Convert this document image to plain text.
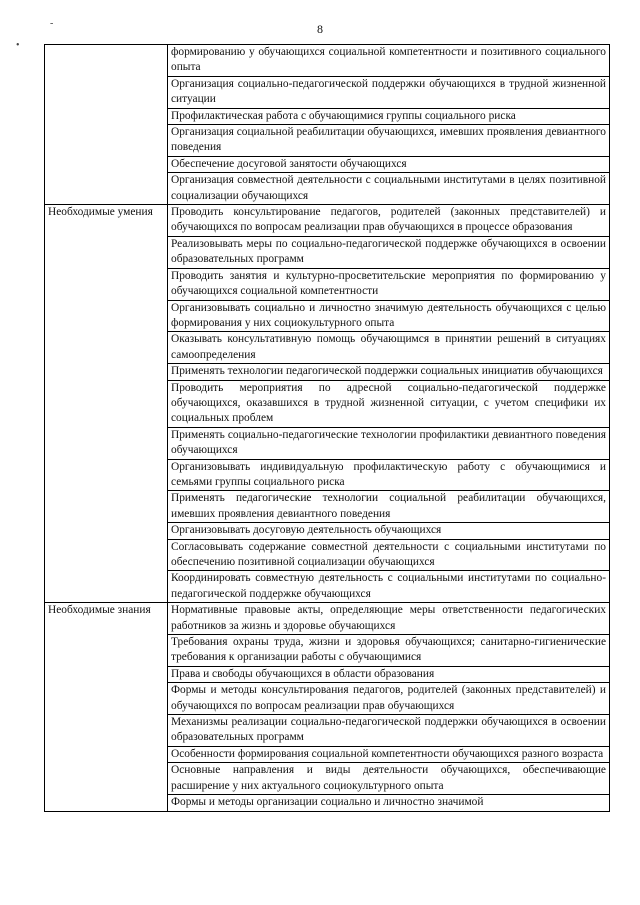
8
-
•
	формированию у обучающихся социальной компетентности и позитивного социального опыта
	Организация социально-педагогической поддержки обучающихся в трудной жизненной ситуации
	Профилактическая работа с обучающимися группы социального риска
	Организация социальной реабилитации обучающихся, имевших проявления девиантного поведения
	Обеспечение досуговой занятости обучающихся
	Организация совместной деятельности с социальными институтами в целях позитивной социализации обучающихся
Необходимые умения	Проводить консультирование педагогов, родителей (законных представителей) и обучающихся по вопросам реализации прав обучающихся в процессе образования
	Реализовывать меры по социально-педагогической поддержке обучающихся в освоении образовательных программ
	Проводить занятия и культурно-просветительские мероприятия по формированию у обучающихся социальной компетентности
	Организовывать социально и личностно значимую деятельность обучающихся с целью формирования у них социокультурного опыта
	Оказывать консультативную помощь обучающимся в принятии решений в ситуациях самоопределения
	Применять технологии педагогической поддержки социальных инициатив обучающихся
	Проводить мероприятия по адресной социально-педагогической поддержке обучающихся, оказавшихся в трудной жизненной ситуации, с учетом специфики их социальных проблем
	Применять социально-педагогические технологии профилактики девиантного поведения обучающихся
	Организовывать индивидуальную профилактическую работу с обучающимися и семьями группы социального риска
	Применять педагогические технологии социальной реабилитации обучающихся, имевших проявления девиантного поведения
	Организовывать досуговую деятельность обучающихся
	Согласовывать содержание совместной деятельности с социальными институтами по обеспечению позитивной социализации обучающихся
	Координировать совместную деятельность с социальными институтами по социально-педагогической поддержке обучающихся
Необходимые знания	Нормативные правовые акты, определяющие меры ответственности педагогических работников за жизнь и здоровье обучающихся
	Требования охраны труда, жизни и здоровья обучающихся; санитарно-гигиенические требования к организации работы с обучающимися
	Права и свободы обучающихся в области образования
	Формы и методы консультирования педагогов, родителей (законных представителей) и обучающихся по вопросам реализации прав обучающихся
	Механизмы реализации социально-педагогической поддержки обучающихся в освоении образовательных программ
	Особенности формирования социальной компетентности обучающихся разного возраста
	Основные направления и виды деятельности обучающихся, обеспечивающие расширение у них актуального социокультурного опыта
	Формы и методы организации социально и личностно значимой
